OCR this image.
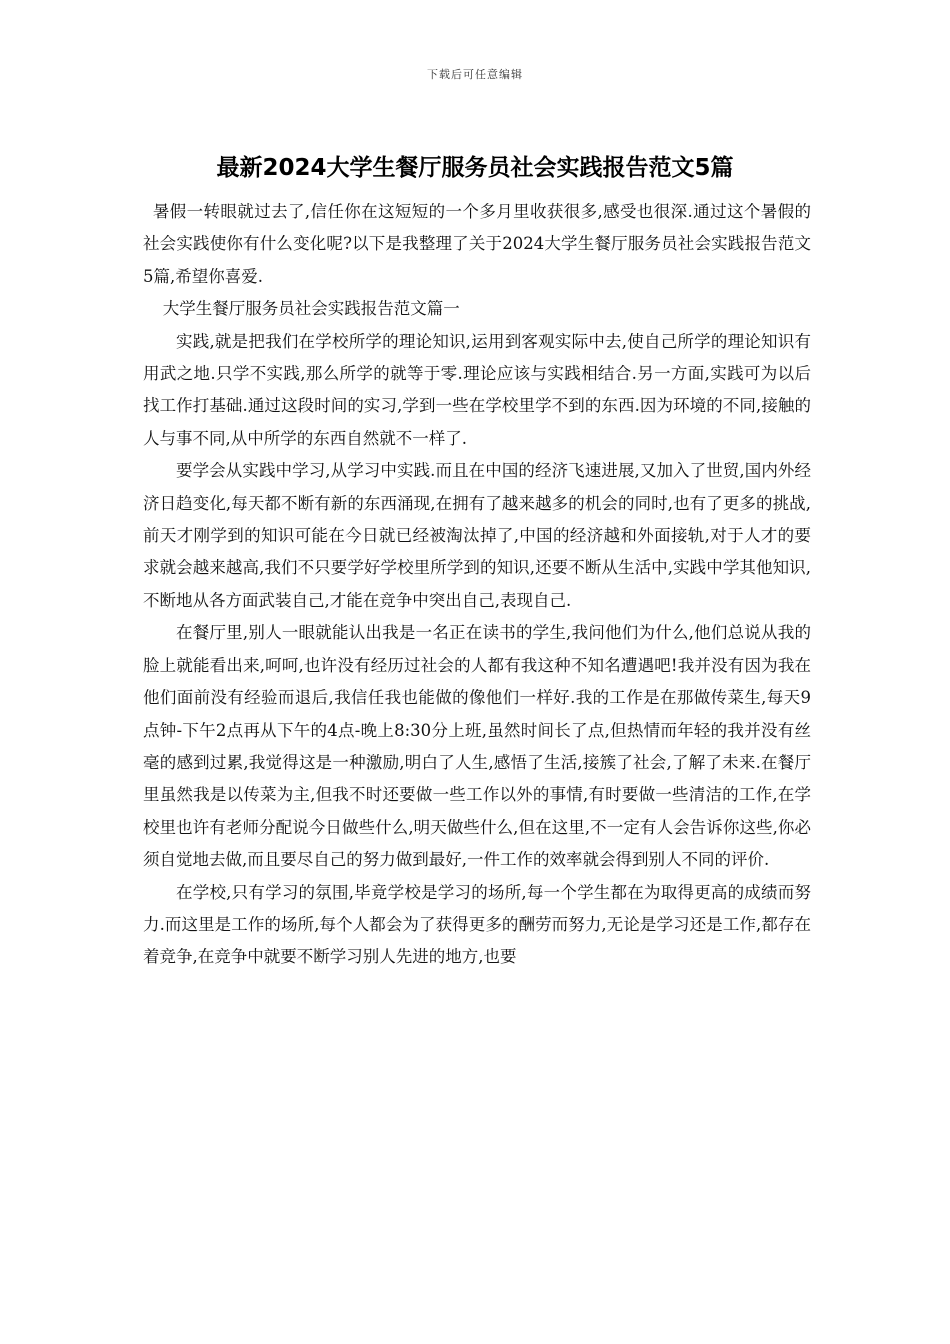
下载后可任意编辑
最新2024大学生餐厅服务员社会实践报告范文5篇

暑假一转眼就过去了,信任你在这短短的一个多月里收获很多,感受也很深.通过这个暑假的社会实践使你有什么变化呢?以下是我整理了关于2024大学生餐厅服务员社会实践报告范文5篇,希望你喜爱.

大学生餐厅服务员社会实践报告范文篇一

实践,就是把我们在学校所学的理论知识,运用到客观实际中去,使自己所学的理论知识有用武之地.只学不实践,那么所学的就等于零.理论应该与实践相结合.另一方面,实践可为以后找工作打基础.通过这段时间的实习,学到一些在学校里学不到的东西.因为环境的不同,接触的人与事不同,从中所学的东西自然就不一样了.

要学会从实践中学习,从学习中实践.而且在中国的经济飞速进展,又加入了世贸,国内外经济日趋变化,每天都不断有新的东西涌现,在拥有了越来越多的机会的同时,也有了更多的挑战,前天才刚学到的知识可能在今日就已经被淘汰掉了,中国的经济越和外面接轨,对于人才的要求就会越来越高,我们不只要学好学校里所学到的知识,还要不断从生活中,实践中学其他知识,不断地从各方面武装自己,才能在竞争中突出自己,表现自己.

在餐厅里,别人一眼就能认出我是一名正在读书的学生,我问他们为什么,他们总说从我的脸上就能看出来,呵呵,也许没有经历过社会的人都有我这种不知名遭遇吧!我并没有因为我在他们面前没有经验而退后,我信任我也能做的像他们一样好.我的工作是在那做传菜生,每天9点钟-下午2点再从下午的4点-晚上8:30分上班,虽然时间长了点,但热情而年轻的我并没有丝毫的感到过累,我觉得这是一种激励,明白了人生,感悟了生活,接簇了社会,了解了未来.在餐厅里虽然我是以传菜为主,但我不时还要做一些工作以外的事情,有时要做一些清洁的工作,在学校里也许有老师分配说今日做些什么,明天做些什么,但在这里,不一定有人会告诉你这些,你必须自觉地去做,而且要尽自己的努力做到最好,一件工作的效率就会得到别人不同的评价.

在学校,只有学习的氛围,毕竟学校是学习的场所,每一个学生都在为取得更高的成绩而努力.而这里是工作的场所,每个人都会为了获得更多的酬劳而努力,无论是学习还是工作,都存在着竞争,在竞争中就要不断学习别人先进的地方,也要
